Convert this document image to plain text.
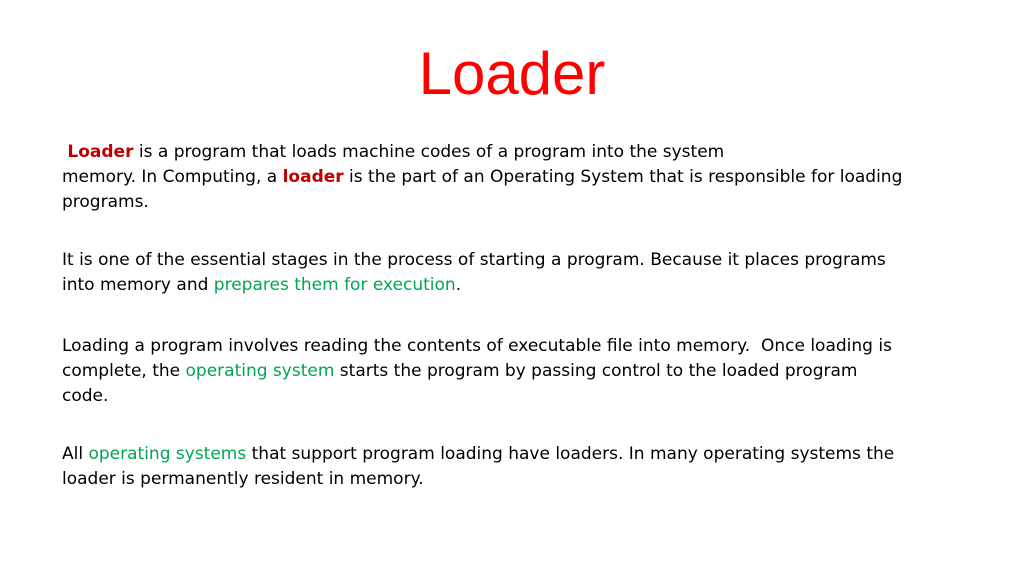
Loader
Loader is a program that loads machine codes of a program into the system
memory. In Computing, a loader is the part of an Operating System that is responsible for loading
programs.
It is one of the essential stages in the process of starting a program. Because it places programs
into memory and prepares them for execution.
Loading a program involves reading the contents of executable file into memory.  Once loading is
complete, the operating system starts the program by passing control to the loaded program
code.
All operating systems that support program loading have loaders. In many operating systems the
loader is permanently resident in memory.
